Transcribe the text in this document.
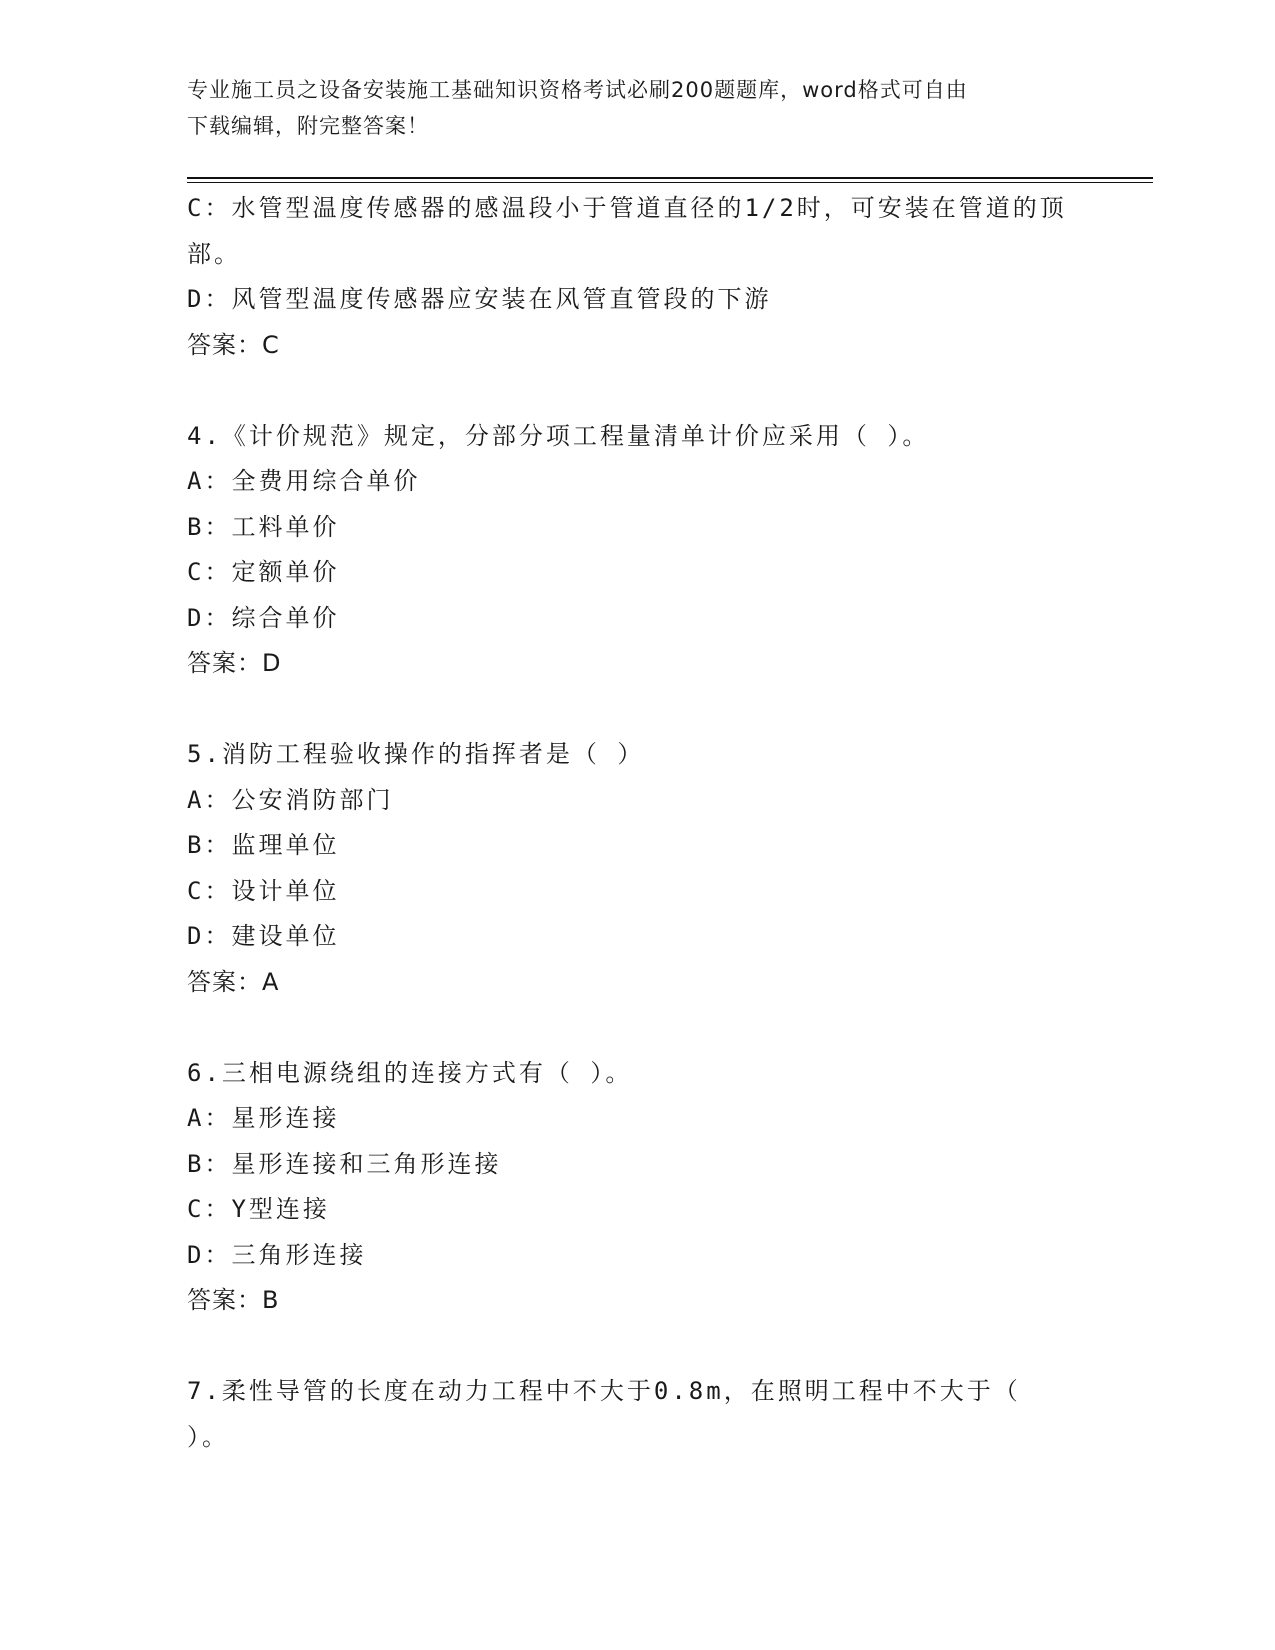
专业施工员之设备安装施工基础知识资格考试必刷200题题库，word格式可自由
下载编辑，附完整答案！

C：水管型温度传感器的感温段小于管道直径的1/2时，可安装在管道的顶部。

D：风管型温度传感器应安装在风管直管段的下游

答案：C

4.《计价规范》规定，分部分项工程量清单计价应采用（ ）。

A：全费用综合单价

B：工料单价

C：定额单价

D：综合单价

答案：D

5.消防工程验收操作的指挥者是（ ）

A：公安消防部门

B：监理单位

C：设计单位

D：建设单位

答案：A

6.三相电源绕组的连接方式有（ ）。

A：星形连接

B：星形连接和三角形连接

C：Y型连接

D：三角形连接

答案：B

7.柔性导管的长度在动力工程中不大于0.8m，在照明工程中不大于（ ）。
